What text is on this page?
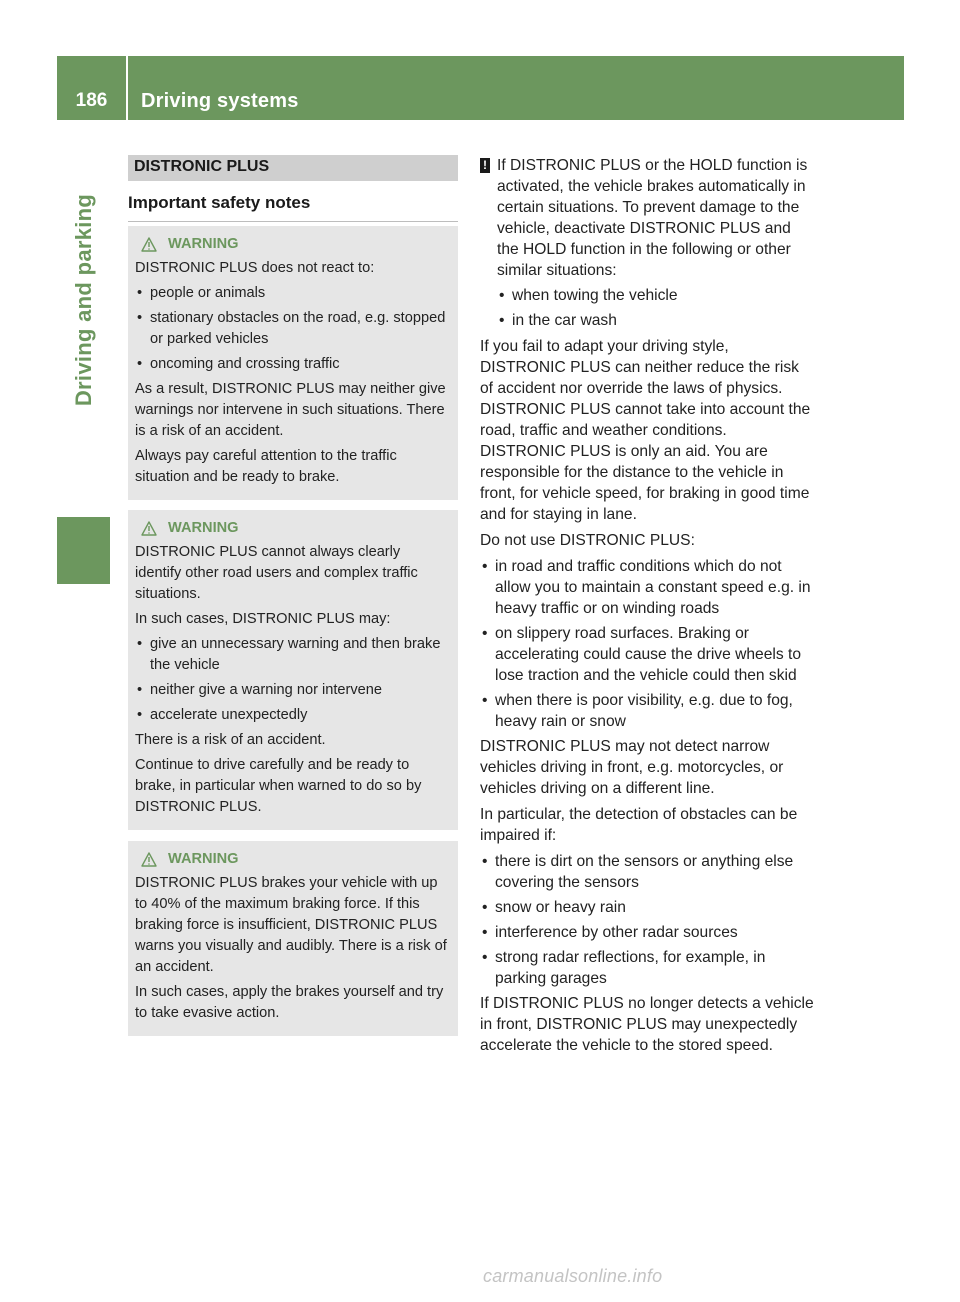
186	Driving systems
Driving and parking
DISTRONIC PLUS
Important safety notes
WARNING

DISTRONIC PLUS does not react to:

• people or animals
• stationary obstacles on the road, e.g. stopped or parked vehicles
• oncoming and crossing traffic

As a result, DISTRONIC PLUS may neither give warnings nor intervene in such situations. There is a risk of an accident.

Always pay careful attention to the traffic situation and be ready to brake.

WARNING

DISTRONIC PLUS cannot always clearly identify other road users and complex traffic situations.

In such cases, DISTRONIC PLUS may:

• give an unnecessary warning and then brake the vehicle
• neither give a warning nor intervene
• accelerate unexpectedly

There is a risk of an accident.

Continue to drive carefully and be ready to brake, in particular when warned to do so by DISTRONIC PLUS.

WARNING

DISTRONIC PLUS brakes your vehicle with up to 40% of the maximum braking force. If this braking force is insufficient, DISTRONIC PLUS warns you visually and audibly. There is a risk of an accident.

In such cases, apply the brakes yourself and try to take evasive action.

! If DISTRONIC PLUS or the HOLD function is activated, the vehicle brakes automatically in certain situations. To prevent damage to the vehicle, deactivate DISTRONIC PLUS and the HOLD function in the following or other similar situations:
• when towing the vehicle
• in the car wash

If you fail to adapt your driving style, DISTRONIC PLUS can neither reduce the risk of accident nor override the laws of physics. DISTRONIC PLUS cannot take into account the road, traffic and weather conditions. DISTRONIC PLUS is only an aid. You are responsible for the distance to the vehicle in front, for vehicle speed, for braking in good time and for staying in lane.

Do not use DISTRONIC PLUS:

• in road and traffic conditions which do not allow you to maintain a constant speed e.g. in heavy traffic or on winding roads
• on slippery road surfaces. Braking or accelerating could cause the drive wheels to lose traction and the vehicle could then skid
• when there is poor visibility, e.g. due to fog, heavy rain or snow

DISTRONIC PLUS may not detect narrow vehicles driving in front, e.g. motorcycles, or vehicles driving on a different line.

In particular, the detection of obstacles can be impaired if:

• there is dirt on the sensors or anything else covering the sensors
• snow or heavy rain
• interference by other radar sources
• strong radar reflections, for example, in parking garages

If DISTRONIC PLUS no longer detects a vehicle in front, DISTRONIC PLUS may unexpectedly accelerate the vehicle to the stored speed.

carmanualsonline.info
